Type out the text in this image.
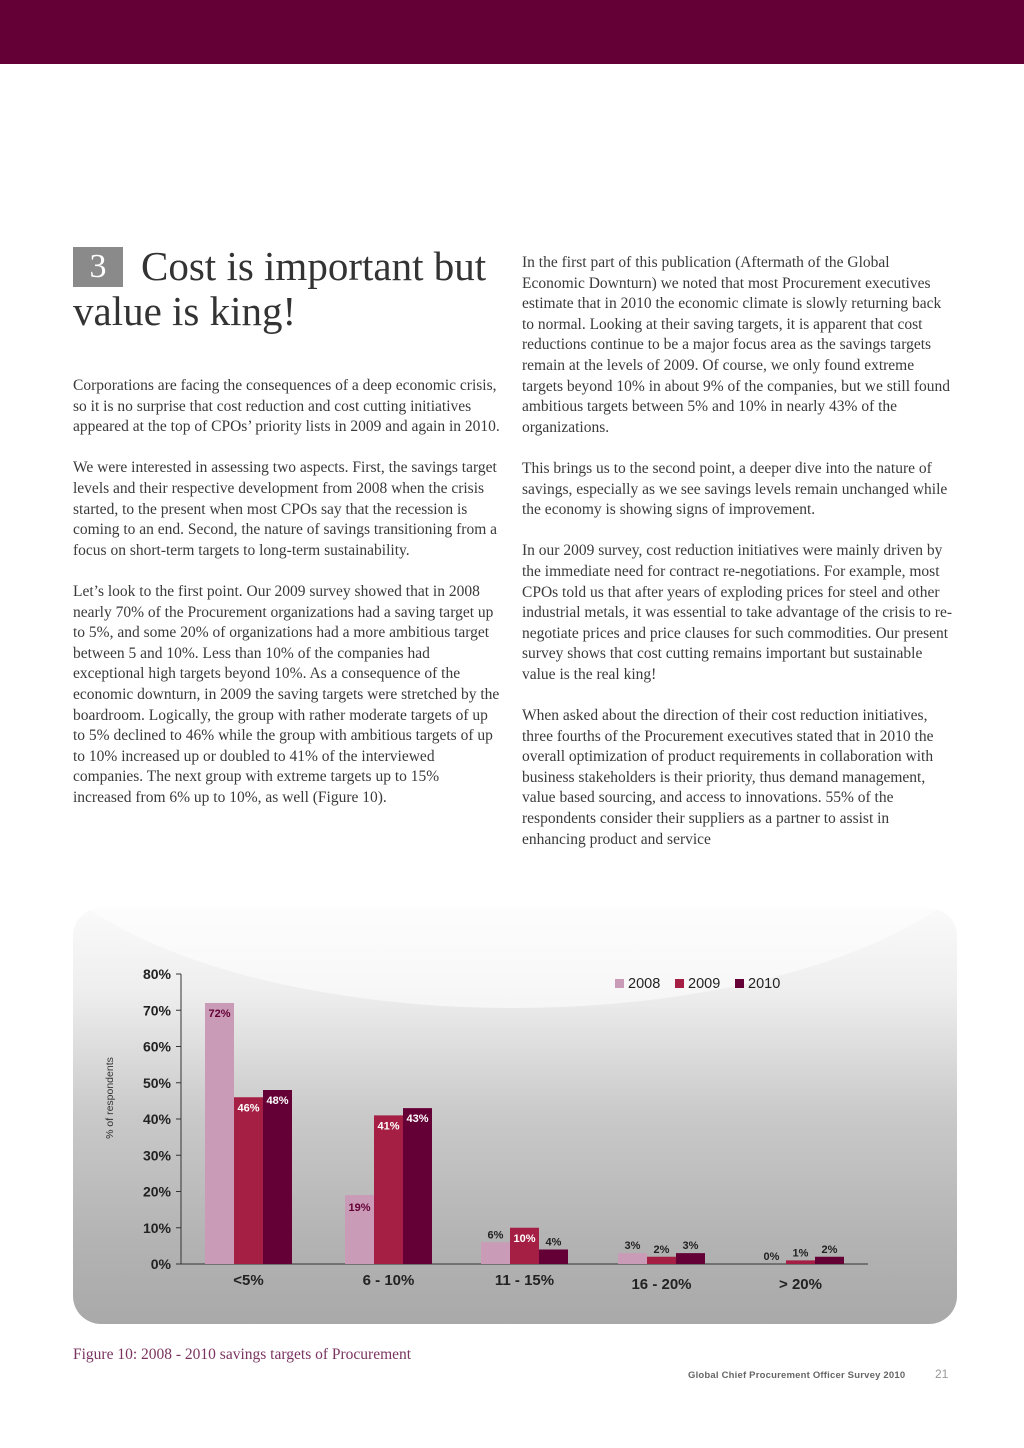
3 Cost is important but value is king!

Corporations are facing the consequences of a deep economic crisis, so it is no surprise that cost reduction and cost cutting initiatives appeared at the top of CPOs’ priority lists in 2009 and again in 2010.

We were interested in assessing two aspects. First, the savings target levels and their respective development from 2008 when the crisis started, to the present when most CPOs say that the recession is coming to an end. Second, the nature of savings transitioning from a focus on short-term targets to long-term sustainability.

Let’s look to the first point. Our 2009 survey showed that in 2008 nearly 70% of the Procurement organizations had a saving target up to 5%, and some 20% of organizations had a more ambitious target between 5 and 10%. Less than 10% of the companies had exceptional high targets beyond 10%. As a consequence of the economic downturn, in 2009 the saving targets were stretched by the boardroom. Logically, the group with rather moderate targets of up to 5% declined to 46% while the group with ambitious targets of up to 10% increased up or doubled to 41% of the interviewed companies. The next group with extreme targets up to 15% increased from 6% up to 10%, as well (Figure 10).

In the first part of this publication (Aftermath of the Global Economic Downturn) we noted that most Procurement executives estimate that in 2010 the economic climate is slowly returning back to normal. Looking at their saving targets, it is apparent that cost reductions continue to be a major focus area as the savings targets remain at the levels of 2009. Of course, we only found extreme targets beyond 10% in about 9% of the companies, but we still found ambitious targets between 5% and 10% in nearly 43% of the organizations.

This brings us to the second point, a deeper dive into the nature of savings, especially as we see savings levels remain unchanged while the economy is showing signs of improvement.

In our 2009 survey, cost reduction initiatives were mainly driven by the immediate need for contract re-negotiations. For example, most CPOs told us that after years of exploding prices for steel and other industrial metals, it was essential to take advantage of the crisis to re-negotiate prices and price clauses for such commodities. Our present survey shows that cost cutting remains important but sustainable value is the real king!

When asked about the direction of their cost reduction initiatives, three fourths of the Procurement executives stated that in 2010 the overall optimization of product requirements in collaboration with business stakeholders is their priority, thus demand management, value based sourcing, and access to innovations. 55% of the respondents consider their suppliers as a partner to assist in enhancing product and service

0%
10%
20%
30%
40%
50%
60%
70%
80%
% of respondents
72%
46%
48%
<5%
19%
41%
43%
6 - 10%
6% 10% 4%
11 - 15%
3% 2% 3%
16 - 20%
0% 1% 2%
> 20%
2008 2009 2010
Figure 10: 2008 - 2010 savings targets of Procurement
Global Chief Procurement Officer Survey 2010 21
